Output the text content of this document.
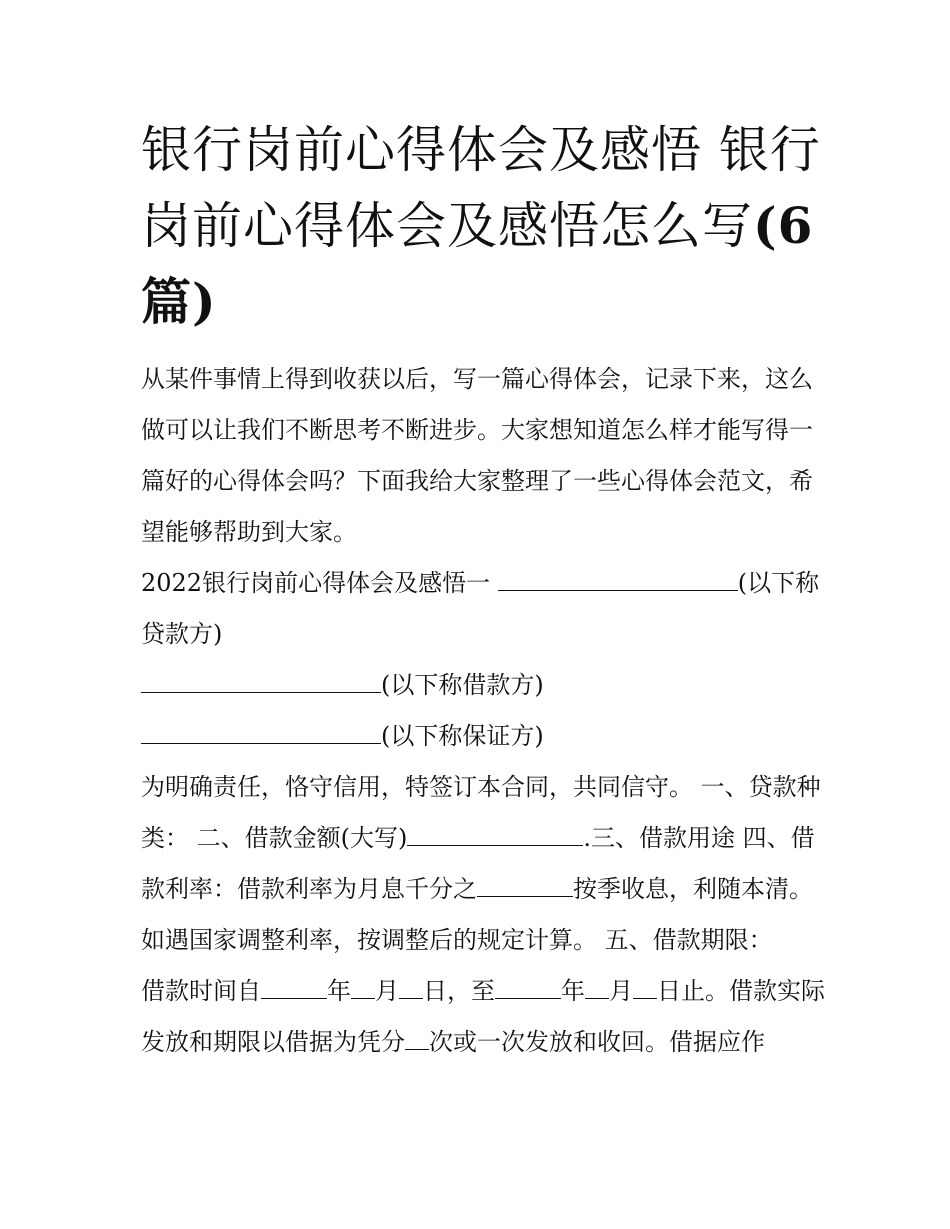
银行岗前心得体会及感悟 银行岗前心得体会及感悟怎么写(6
篇)

从某件事情上得到收获以后，写一篇心得体会，记录下来，这么做可以让我们不断思考不断进步。大家想知道怎么样才能写得一篇好的心得体会吗？下面我给大家整理了一些心得体会范文，希望能够帮助到大家。

2022银行岗前心得体会及感悟一	(以下称贷款方)

(以下称借款方)

(以下称保证方)

为明确责任，恪守信用，特签订本合同，共同信守。 一、贷款种类： 二、借款金额(大写)	.三、借款用途 四、借款利率：借款利率为月息千分之	按季收息，利随本清。 如遇国家调整利率，按调整后的规定计算。 五、借款期限：

借款时间自	年 月 日，至	年 月 日止。借款实际发放和期限以借据为凭分 次或一次发放和收回。借据应作
